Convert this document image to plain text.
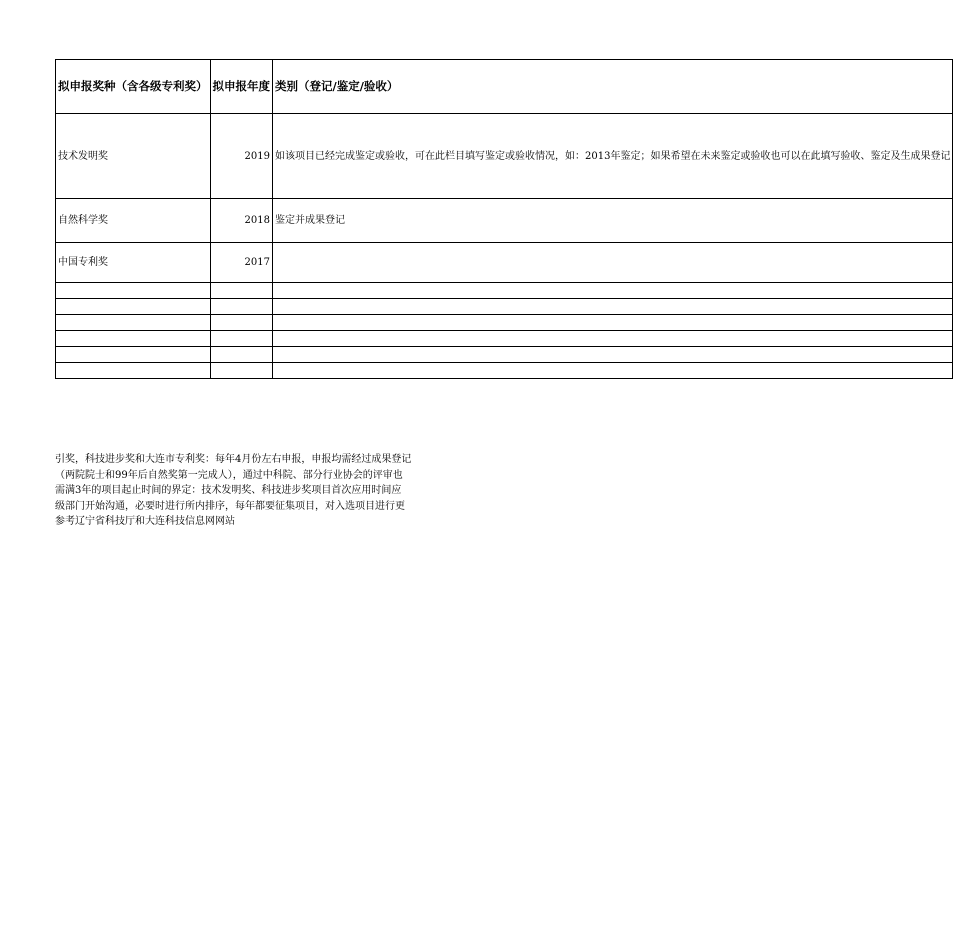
拟申报奖种（含各级专利奖）	拟申报年度	类别（登记/鉴定/验收）
技术发明奖	2019	如该项目已经完成鉴定或验收，可在此栏目填写鉴定或验收情况，如：2013年鉴定；如果希望在未来鉴定或验收也可以在此填写验收、鉴定及生成果登记
自然科学奖	2018	鉴定并成果登记
中国专利奖	2017	

引奖，科技进步奖和大连市专利奖：每年4月份左右申报，申报均需经过成果登记
（两院院士和99年后自然奖第一完成人），通过中科院、部分行业协会的评审也
需满3年的项目起止时间的界定：技术发明奖、科技进步奖项目首次应用时间应
级部门开始沟通，必要时进行所内排序，每年都要征集项目，对入选项目进行更
参考辽宁省科技厅和大连科技信息网网站
